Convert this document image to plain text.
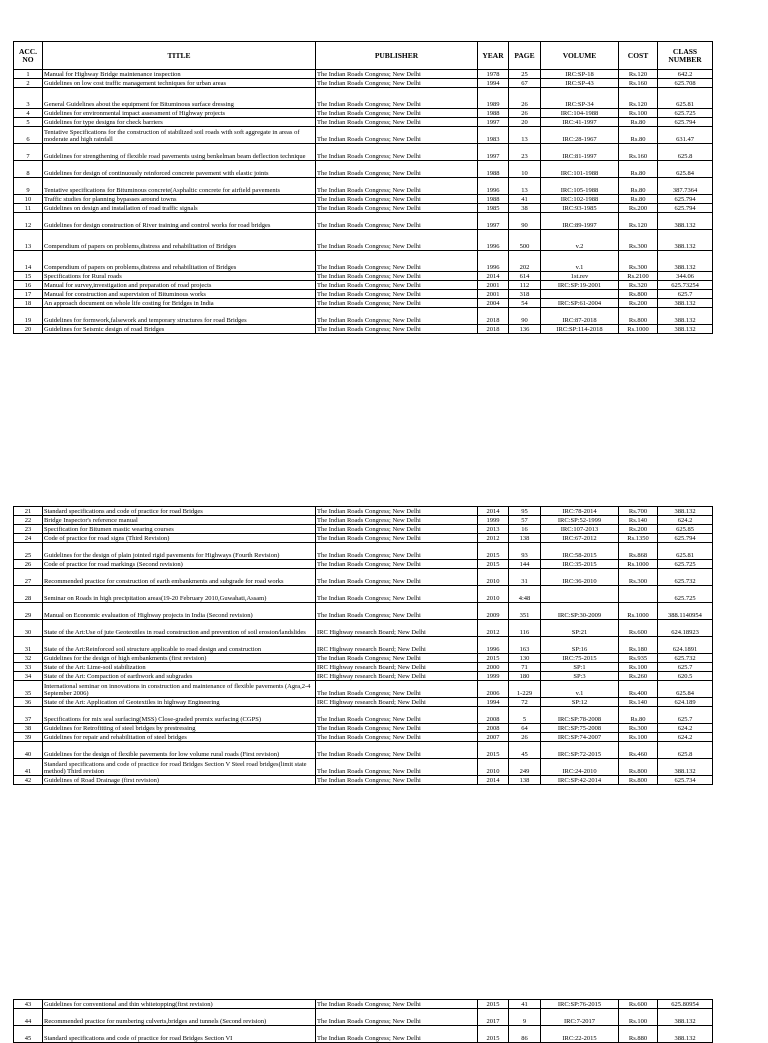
ACC. NO	TITLE	PUBLISHER	YEAR	PAGE	VOLUME	COST	CLASS NUMBER
1	Manual for Highway Bridge maintenance inspection	The Indian Roads Congress; New Delhi	1978	25	IRC:SP-18	Rs.120	642.2
2	Guidelines on low cost traffic management techniques for urban areas	The Indian Roads Congress; New Delhi	1994	67	IRC:SP-43	Rs.160	625.708
3	General Guidelines about the equipment for Bituminous surface dressing	The Indian Roads Congress; New Delhi	1989	26	IRC:SP-34	Rs.120	625.81
4	Guidelines for environmental impact assessment of Highway projects	The Indian Roads Congress; New Delhi	1988	26	IRC:104-1988	Rs.100	625.725
5	Guidelines for type designs for check barriers	The Indian Roads Congress; New Delhi	1997	20	IRC:41-1997	Rs.80	625.794
6	Tentative Specifications for the construction of stabilized soil roads with soft aggregate in areas of moderate and high rainfall	The Indian Roads Congress; New Delhi	1983	13	IRC:28-1967	Rs.80	631.47
7	Guidelines for strengthening of flexible road pavements using benkelman beam deflection technique	The Indian Roads Congress; New Delhi	1997	23	IRC:81-1997	Rs.160	625.8
8	Guidelines for design of continuously reinforced concrete pavement with elastic joints	The Indian Roads Congress; New Delhi	1988	10	IRC:101-1988	Rs.80	625.84
9	Tentative specifications for Bituminous concrete(Asphaltic concrete for airfield pavements	The Indian Roads Congress; New Delhi	1996	13	IRC:105-1988	Rs.80	387.7364
10	Traffic studies for planning bypasses around towns	The Indian Roads Congress; New Delhi	1988	41	IRC:102-1988	Rs.80	625.794
11	Guidelines on design and installation of road traffic signals	The Indian Roads Congress; New Delhi	1985	38	IRC:93-1985	Rs.200	625.794
12	Guidelines for design construction of River training and control works for road bridges	The Indian Roads Congress; New Delhi	1997	90	IRC:89-1997	Rs.120	388.132
13	Compendium of papers on problems,distress and rehabilitation of Bridges	The Indian Roads Congress; New Delhi	1996	500	v.2	Rs.300	388.132
14	Compendium of papers on problems,distress and rehabilitation of Bridges	The Indian Roads Congress; New Delhi	1996	202	v.1	Rs.300	388.132
15	Specifications for Rural roads	The Indian Roads Congress; New Delhi	2014	614	1st.rev	Rs.2100	344.06
16	Manual for survey,investigation and preparation of road projects	The Indian Roads Congress; New Delhi	2001	112	IRC:SP:19-2001	Rs.320	625.73254
17	Manual for construction and supervision of Bituminous works	The Indian Roads Congress; New Delhi	2001	318		Rs.800	625.7
18	An approach document on whole life costing for Bridges in India	The Indian Roads Congress; New Delhi	2004	54	IRC:SP:61-2004	Rs.200	388.132
19	Guidelines for formwork,falsework and temporary structures for road Bridges	The Indian Roads Congress; New Delhi	2018	90	IRC:87-2018	Rs.800	388.132
20	Guidelines for Seismic design of road Bridges	The Indian Roads Congress; New Delhi	2018	136	IRC:SP:114-2018	Rs.1000	388.132
21	Standard specifications and code of practice for road Bridges	The Indian Roads Congress; New Delhi	2014	95	IRC:78-2014	Rs.700	388.132
22	Bridge Inspector's reference manual	The Indian Roads Congress; New Delhi	1999	57	IRC:SP:52-1999	Rs.140	624.2
23	Specification for Bitumen mastic wearing courses	The Indian Roads Congress; New Delhi	2013	16	IRC:107-2013	Rs.200	625.85
24	Code of practice for road signs (Third Revision)	The Indian Roads Congress; New Delhi	2012	138	IRC:67-2012	Rs.1350	625.794
25	Guidelines for the design of plain jointed rigid pavements for Highways (Fourth Revision)	The Indian Roads Congress; New Delhi	2015	93	IRC:58-2015	Rs.868	625.81
26	Code of practice for road markings (Second revision)	The Indian Roads Congress; New Delhi	2015	144	IRC:35-2015	Rs.1000	625.725
27	Recommended practice for construction of earth embankments and subgrade for road works	The Indian Roads Congress; New Delhi	2010	31	IRC:36-2010	Rs.300	625.732
28	Seminar on Roads in high precipitation areas(19-20 February 2010,Guwahati,Assam)	The Indian Roads Congress; New Delhi	2010	4:48			625.725
29	Manual on Economic evaluation of Highway projects in India (Second revision)	The Indian Roads Congress; New Delhi	2009	351	IRC:SP:30-2009	Rs.1000	388.1140954
30	State of the Art:Use of jute Geotextiles in road construction and prevention of soil erosion/landslides	IRC Highway research Board; New Delhi	2012	116	SP:21	Rs.600	624.18923
31	State of the Art:Reinforced soil structure applicable to road design and construction	IRC Highway research Board; New Delhi	1996	163	SP:16	Rs.180	624.1891
32	Guidelines for the design of high embankments (first revision)	The Indian Roads Congress; New Delhi	2015	130	IRC:75-2015	Rs.935	625.732
33	State of the Art: Lime-soil stabilization	IRC Highway research Board; New Delhi	2000	71	SP:1	Rs.100	625.7
34	State of the Art: Compaction of earthwork and subgrades	IRC Highway research Board; New Delhi	1999	180	SP:3	Rs.260	620.5
35	International seminar on innovations in construction and maintenance of flexible pavements (Agra,2-4 September 2006)	The Indian Roads Congress; New Delhi	2006	1-229	v.1	Rs.400	625.84
36	State of the Art: Application of Geotextiles in highway Engineering	IRC Highway research Board; New Delhi	1994	72	SP:12	Rs.140	624.189
37	Specifications for mix seal surfacing(MSS) Close-graded premix surfacing (CGPS)	The Indian Roads Congress; New Delhi	2008	5	IRC:SP:78-2008	Rs.80	625.7
38	Guidelines for Retrofitting of steel bridges by prestressing	The Indian Roads Congress; New Delhi	2008	64	IRC:SP:75-2008	Rs.300	624.2
39	Guidelines for repair and rehabilitation of steel bridges	The Indian Roads Congress; New Delhi	2007	26	IRC:SP:74-2007	Rs.100	624.2
40	Guidelines for the design of flexible pavements for low volume rural roads (First revision)	The Indian Roads Congress; New Delhi	2015	45	IRC:SP:72-2015	Rs.460	625.8
41	Standard specifications and code of practice for road Bridges Section V Steel road bridges(limit state method) Third revision	The Indian Roads Congress; New Delhi	2010	249	IRC:24-2010	Rs.800	388.132
42	Guidelines of Road Drainage (first revision)	The Indian Roads Congress; New Delhi	2014	138	IRC:SP:42-2014	Rs.800	625.734
43	Guidelines for conventional and thin whitetopping(first revision)	The Indian Roads Congress; New Delhi	2015	41	IRC:SP:76-2015	Rs.600	625.80954
44	Recommended practice for numbering culverts,bridges and tunnels (Second revision)	The Indian Roads Congress; New Delhi	2017	9	IRC:7-2017	Rs.100	388.132
45	Standard specifications and code of practice for road Bridges Section VI	The Indian Roads Congress; New Delhi	2015	86	IRC:22-2015	Rs.880	388.132
